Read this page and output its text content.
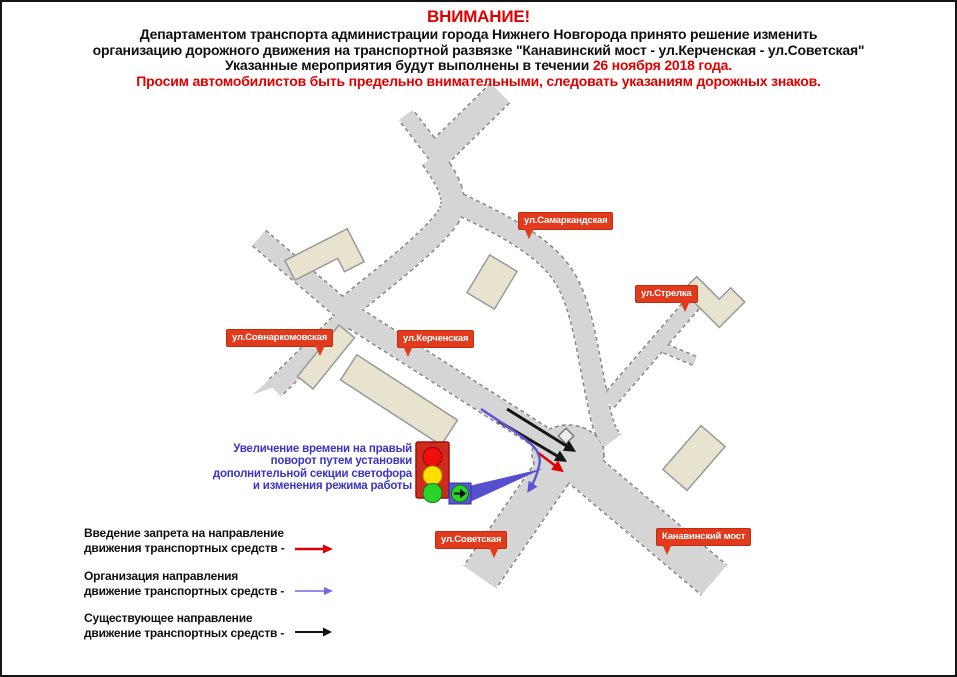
ВНИМАНИЕ!
Департаментом транспорта администрации города Нижнего Новгорода принято решение изменить
организацию дорожного движения на транспортной развязке "Канавинский мост - ул.Керченская - ул.Советская"
Указанные мероприятия будут выполнены в течении 26 ноября 2018 года.
Просим автомобилистов быть предельно внимательными, следовать указаниям дорожных знаков.
ул.Самаркандская
ул.Стрелка
ул.Совнаркомовская	ул.Керченская
ул.Советская	Канавинский мост
Увеличение времени на правый
поворот путем установки
дополнительной секции светофора
и изменения режима работы
Введение запрета на направление
движения транспортных средств -
Организация направления
движение транспортных средств -
Существующее направление
движение транспортных средств -
